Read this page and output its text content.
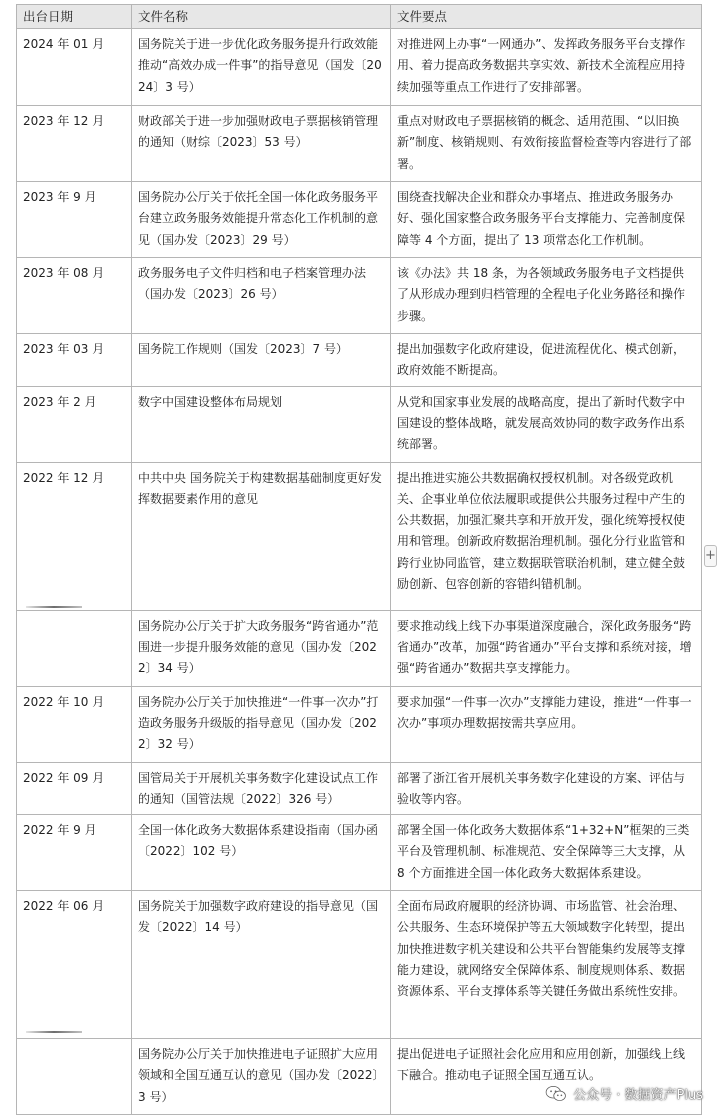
出台日期	文件名称	文件要点
2024 年 01 月	国务院关于进一步优化政务服务提升行政效能推动“高效办成一件事”的指导意见（国发〔2024〕3 号）	对推进网上办事“一网通办”、发挥政务服务平台支撑作用、着力提高政务数据共享实效、新技术全流程应用持续加强等重点工作进行了安排部署。
2023 年 12 月	财政部关于进一步加强财政电子票据核销管理的通知（财综〔2023〕53 号）	重点对财政电子票据核销的概念、适用范围、“以旧换新”制度、核销规则、有效衔接监督检查等内容进行了部署。
2023 年 9 月	国务院办公厅关于依托全国一体化政务服务平台建立政务服务效能提升常态化工作机制的意见（国办发〔2023〕29 号）	围绕查找解决企业和群众办事堵点、推进政务服务办好、强化国家整合政务服务平台支撑能力、完善制度保障等 4 个方面，提出了 13 项常态化工作机制。
2023 年 08 月	政务服务电子文件归档和电子档案管理办法（国办发〔2023〕26 号）	该《办法》共 18 条，为各领域政务服务电子文档提供了从形成办理到归档管理的全程电子化业务路径和操作步骤。
2023 年 03 月	国务院工作规则（国发〔2023〕7 号）	提出加强数字化政府建设，促进流程优化、模式创新，政府效能不断提高。
2023 年 2 月	数字中国建设整体布局规划	从党和国家事业发展的战略高度，提出了新时代数字中国建设的整体战略，就发展高效协同的数字政务作出系统部署。
2022 年 12 月	中共中央 国务院关于构建数据基础制度更好发挥数据要素作用的意见	提出推进实施公共数据确权授权机制。对各级党政机关、企事业单位依法履职或提供公共服务过程中产生的公共数据，加强汇聚共享和开放开发，强化统筹授权使用和管理。创新政府数据治理机制。强化分行业监管和跨行业协同监管，建立数据联管联治机制，建立健全鼓励创新、包容创新的容错纠错机制。
	国务院办公厅关于扩大政务服务“跨省通办”范围进一步提升服务效能的意见（国办发〔2022〕34 号）	要求推动线上线下办事渠道深度融合，深化政务服务“跨省通办”改革，加强“跨省通办”平台支撑和系统对接，增强“跨省通办”数据共享支撑能力。
2022 年 10 月	国务院办公厅关于加快推进“一件事一次办”打造政务服务升级版的指导意见（国办发〔2022〕32 号）	要求加强“一件事一次办”支撑能力建设，推进“一件事一次办”事项办理数据按需共享应用。
2022 年 09 月	国管局关于开展机关事务数字化建设试点工作的通知（国管法规〔2022〕326 号）	部署了浙江省开展机关事务数字化建设的方案、评估与验收等内容。
2022 年 9 月	全国一体化政务大数据体系建设指南（国办函〔2022〕102 号）	部署全国一体化政务大数据体系“1+32+N”框架的三类平台及管理机制、标准规范、安全保障等三大支撑，从 8 个方面推进全国一体化政务大数据体系建设。
2022 年 06 月	国务院关于加强数字政府建设的指导意见（国发〔2022〕14 号）	全面布局政府履职的经济协调、市场监管、社会治理、公共服务、生态环境保护等五大领域数字化转型，提出加快推进数字机关建设和公共平台智能集约发展等支撑能力建设，就网络安全保障体系、制度规则体系、数据资源体系、平台支撑体系等关键任务做出系统性安排。
	国务院办公厅关于加快推进电子证照扩大应用领域和全国互通互认的意见（国办发〔2022〕3 号）	提出促进电子证照社会化应用和应用创新，加强线上线下融合。推动电子证照全国互通互认。
+
公众号 · 数据资产Plus
